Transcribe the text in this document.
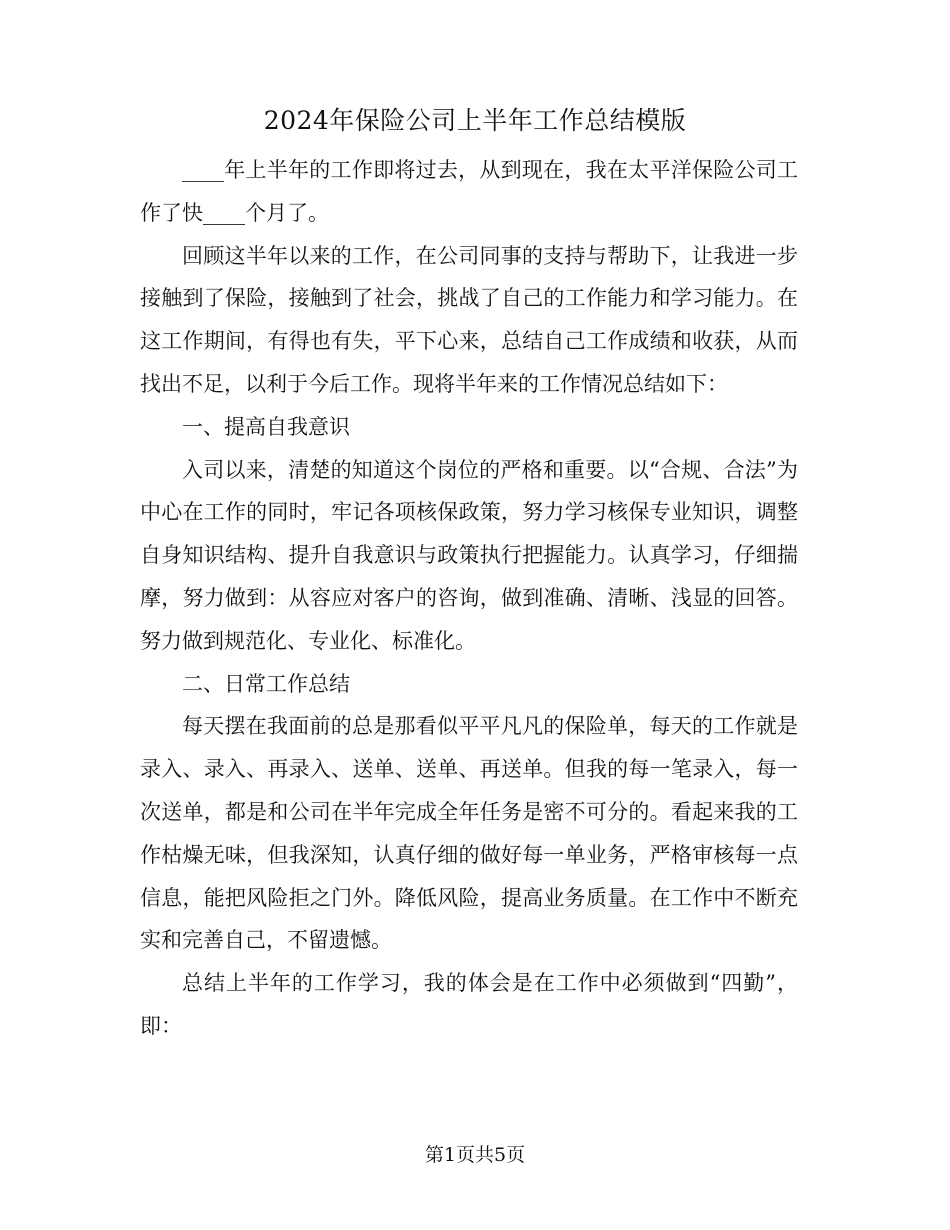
2024年保险公司上半年工作总结模版

____年上半年的工作即将过去，从到现在，我在太平洋保险公司工作了快____个月了。

回顾这半年以来的工作，在公司同事的支持与帮助下，让我进一步接触到了保险，接触到了社会，挑战了自己的工作能力和学习能力。在这工作期间，有得也有失，平下心来，总结自己工作成绩和收获，从而找出不足，以利于今后工作。现将半年来的工作情况总结如下：

一、提高自我意识

入司以来，清楚的知道这个岗位的严格和重要。以“合规、合法”为中心在工作的同时，牢记各项核保政策，努力学习核保专业知识，调整自身知识结构、提升自我意识与政策执行把握能力。认真学习，仔细揣摩，努力做到：从容应对客户的咨询，做到准确、清晰、浅显的回答。努力做到规范化、专业化、标准化。

二、日常工作总结

每天摆在我面前的总是那看似平平凡凡的保险单，每天的工作就是录入、录入、再录入、送单、送单、再送单。但我的每一笔录入，每一次送单，都是和公司在半年完成全年任务是密不可分的。看起来我的工作枯燥无味，但我深知，认真仔细的做好每一单业务，严格审核每一点信息，能把风险拒之门外。降低风险，提高业务质量。在工作中不断充实和完善自己，不留遗憾。

总结上半年的工作学习，我的体会是在工作中必须做到“四勤”，即：

第1页共5页
